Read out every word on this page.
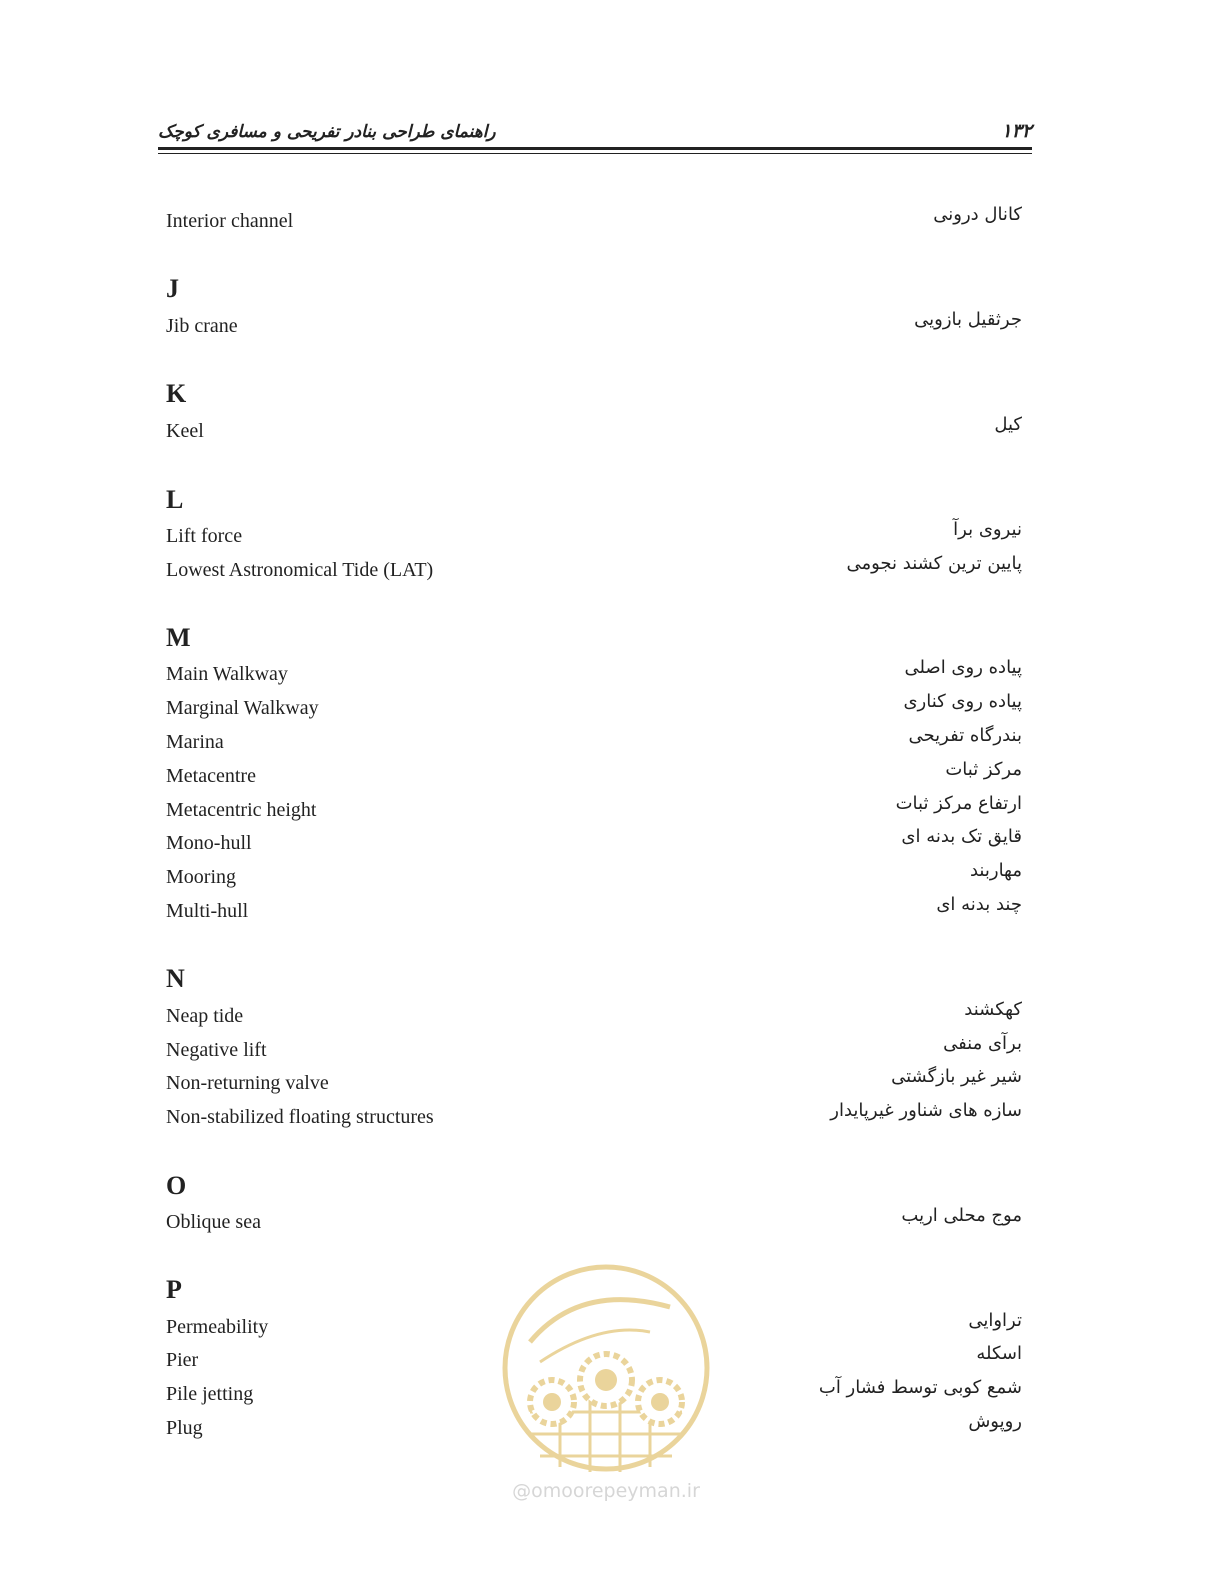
راهنمای طراحی بنادر تفریحی و مسافری کوچک	۱۳۲
Interior channel	کانال درونی
J
Jib crane	جرثقیل بازویی
K
Keel	کیل
L
Lift force	نیروی برآ
Lowest Astronomical Tide (LAT)	پایین ترین کشند نجومی
M
Main Walkway	پیاده روی اصلی
Marginal Walkway	پیاده روی کناری
Marina	بندرگاه تفریحی
Metacentre	مرکز ثبات
Metacentric height	ارتفاع مرکز ثبات
Mono-hull	قایق تک بدنه ای
Mooring	مهاربند
Multi-hull	چند بدنه ای
N
Neap tide	کهکشند
Negative lift	برآی منفی
Non-returning valve	شیر غیر بازگشتی
Non-stabilized floating structures	سازه های شناور غیرپایدار
O
Oblique sea	موج محلی اریب
P
Permeability	تراوایی
Pier	اسکله
Pile jetting	شمع کوبی توسط فشار آب
Plug	روپوش
@omoorepeyman.ir
